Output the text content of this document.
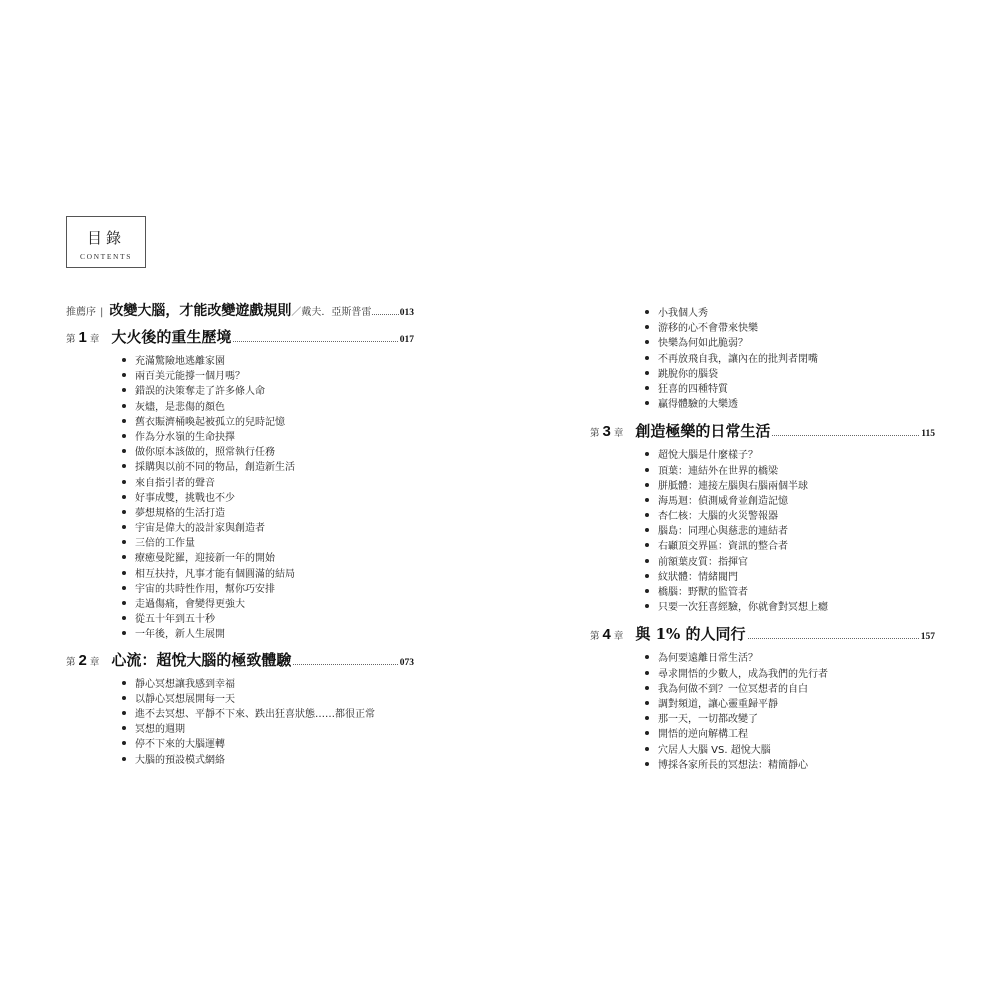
目錄
CONTENTS
推薦序 | 改變大腦，才能改變遊戲規則 ／戴夫．亞斯普雷	013
第 1 章 大火後的重生歷境	017
充滿驚險地逃離家園
兩百美元能撐一個月嗎？
錯誤的決策奪走了許多條人命
灰燼，是悲傷的顏色
舊衣賑濟桶喚起被孤立的兒時記憶
作為分水嶺的生命抉擇
做你原本該做的，照常執行任務
採購與以前不同的物品，創造新生活
來自指引者的聲音
好事成雙，挑戰也不少
夢想規格的生活打造
宇宙是偉大的設計家與創造者
三倍的工作量
療癒曼陀羅，迎接新一年的開始
相互扶持，凡事才能有個圓滿的結局
宇宙的共時性作用，幫你巧安排
走過傷痛，會變得更強大
從五十年到五十秒
一年後，新人生展開
第 2 章 心流：超悅大腦的極致體驗	073
靜心冥想讓我感到幸福
以靜心冥想展開每一天
進不去冥想、平靜不下來、跌出狂喜狀態……都很正常
冥想的週期
停不下來的大腦運轉
大腦的預設模式網絡
小我個人秀
游移的心不會帶來快樂
快樂為何如此脆弱？
不再放飛自我，讓內在的批判者閉嘴
跳脫你的腦袋
狂喜的四種特質
贏得體驗的大樂透
第 3 章 創造極樂的日常生活	115
超悅大腦是什麼樣子？
頂葉：連結外在世界的橋梁
胼胝體：連接左腦與右腦兩個半球
海馬迴：偵測威脅並創造記憶
杏仁核：大腦的火災警報器
腦島：同理心與慈悲的連結者
右顳頂交界區：資訊的整合者
前額葉皮質：指揮官
紋狀體：情緒閥門
橋腦：野獸的監管者
只要一次狂喜經驗，你就會對冥想上癮
第 4 章 與 1% 的人同行	157
為何要遠離日常生活？
尋求開悟的少數人，成為我們的先行者
我為何做不到？一位冥想者的自白
調對頻道，讓心靈重歸平靜
那一天，一切都改變了
開悟的逆向解構工程
穴居人大腦 VS. 超悅大腦
博採各家所長的冥想法：精簡靜心
